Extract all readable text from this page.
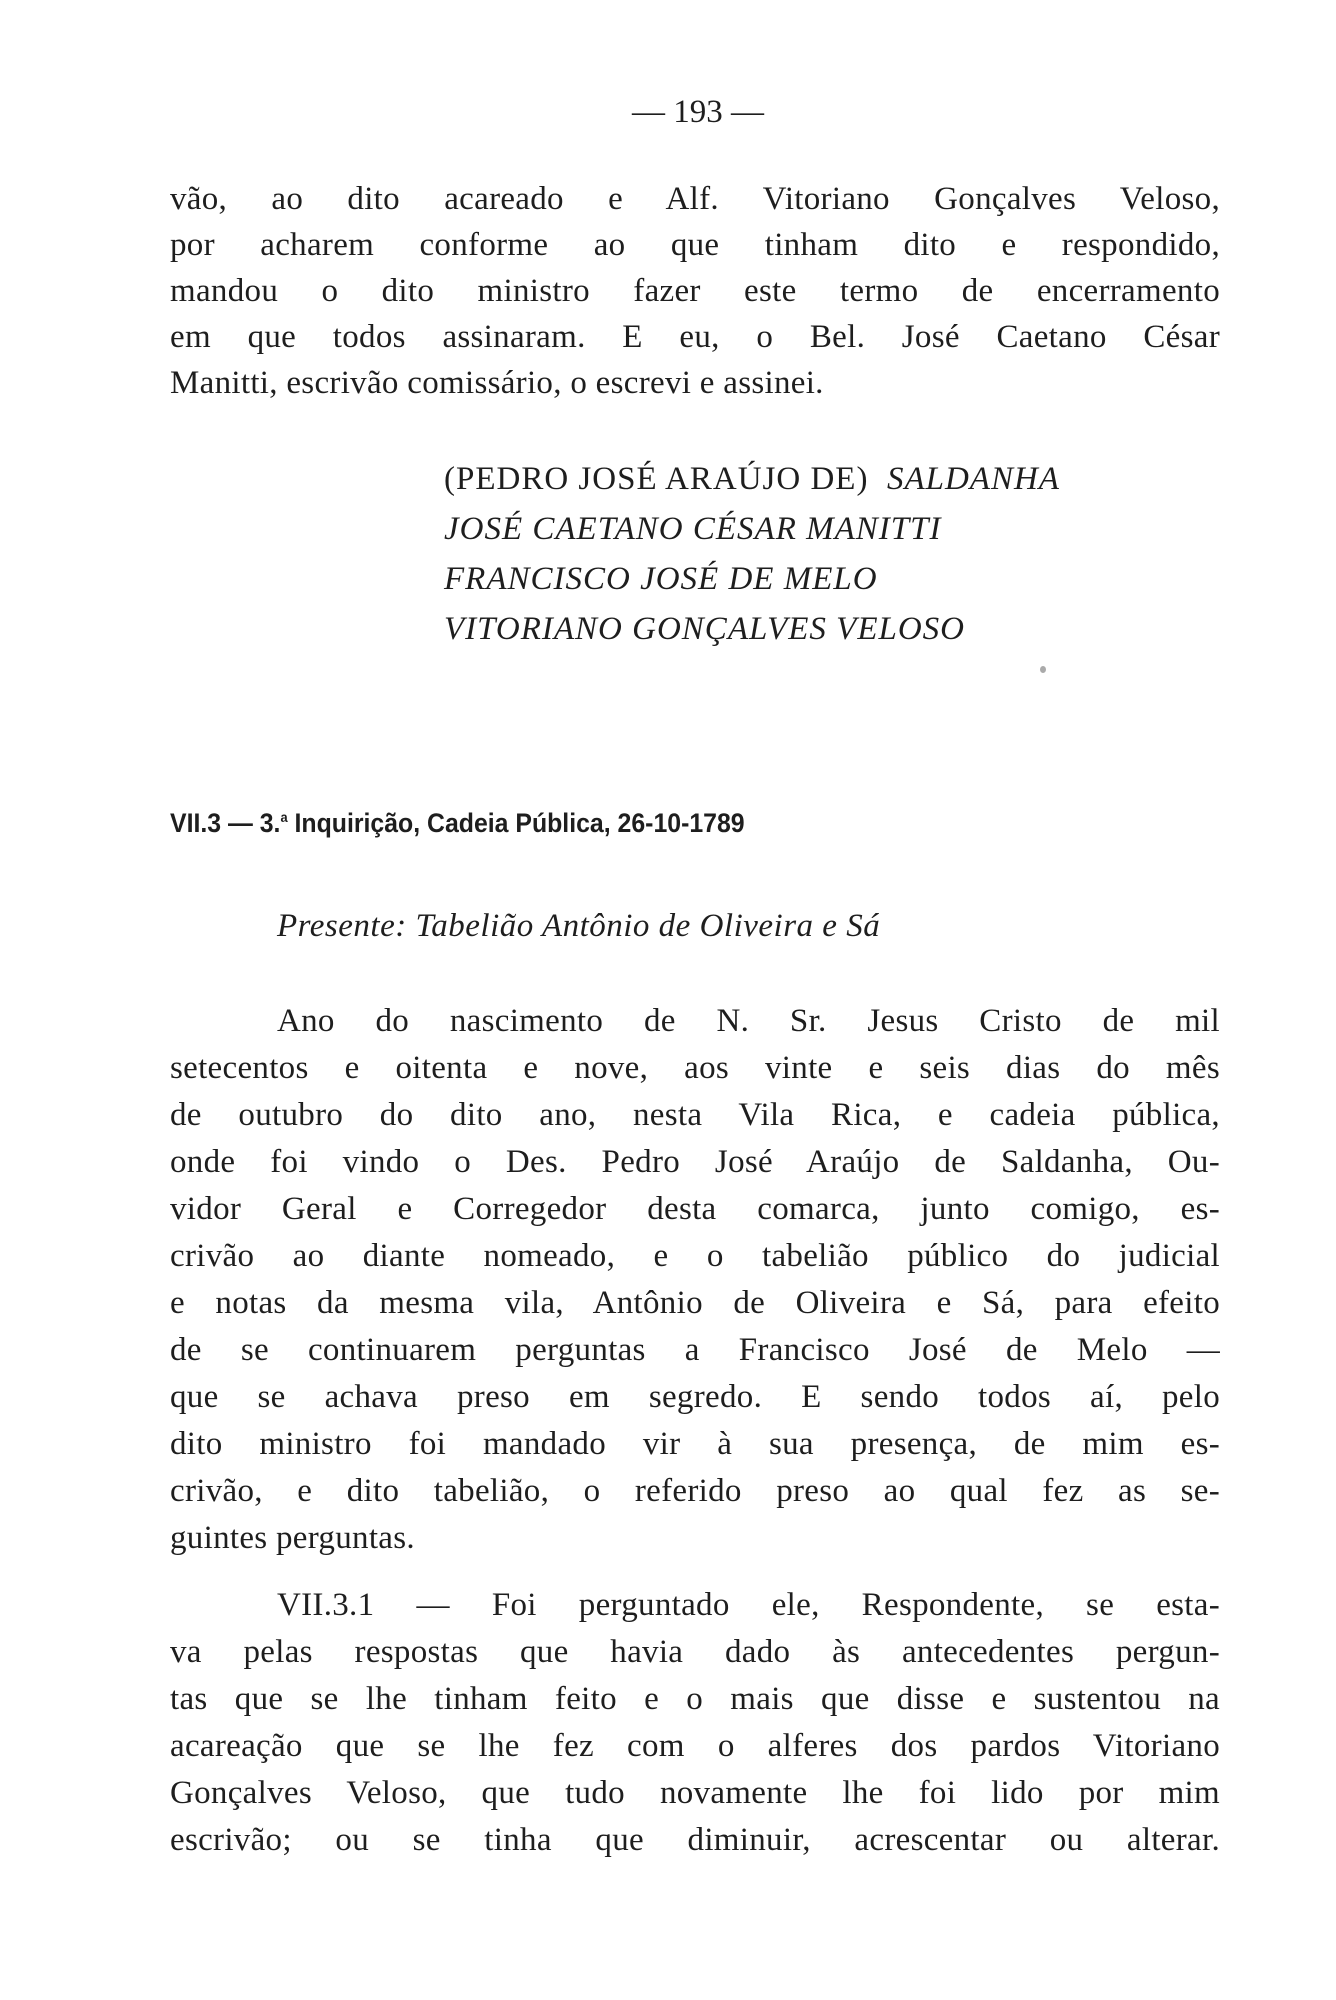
— 193 —
vão, ao dito acareado e Alf. Vitoriano Gonçalves Veloso,
por acharem conforme ao que tinham dito e respondido,
mandou o dito ministro fazer este termo de encerramento
em que todos assinaram. E eu, o Bel. José Caetano César
Manitti, escrivão comissário, o escrevi e assinei.
(PEDRO JOSÉ ARAÚJO DE) SALDANHA
JOSÉ CAETANO CÉSAR MANITTI
FRANCISCO JOSÉ DE MELO
VITORIANO GONÇALVES VELOSO
VII.3 — 3.$^a$ Inquirição, Cadeia Pública, 26-10-1789
Presente: Tabelião Antônio de Oliveira e Sá
Ano do nascimento de N. Sr. Jesus Cristo de mil
setecentos e oitenta e nove, aos vinte e seis dias do mês
de outubro do dito ano, nesta Vila Rica, e cadeia pública,
onde foi vindo o Des. Pedro José Araújo de Saldanha, Ou-
vidor Geral e Corregedor desta comarca, junto comigo, es-
crivão ao diante nomeado, e o tabelião público do judicial
e notas da mesma vila, Antônio de Oliveira e Sá, para efeito
de se continuarem perguntas a Francisco José de Melo —
que se achava preso em segredo. E sendo todos aí, pelo
dito ministro foi mandado vir à sua presença, de mim es-
crivão, e dito tabelião, o referido preso ao qual fez as se-
guintes perguntas.
VII.3.1 — Foi perguntado ele, Respondente, se esta-
va pelas respostas que havia dado às antecedentes pergun-
tas que se lhe tinham feito e o mais que disse e sustentou na
acareação que se lhe fez com o alferes dos pardos Vitoriano
Gonçalves Veloso, que tudo novamente lhe foi lido por mim
escrivão; ou se tinha que diminuir, acrescentar ou alterar.
